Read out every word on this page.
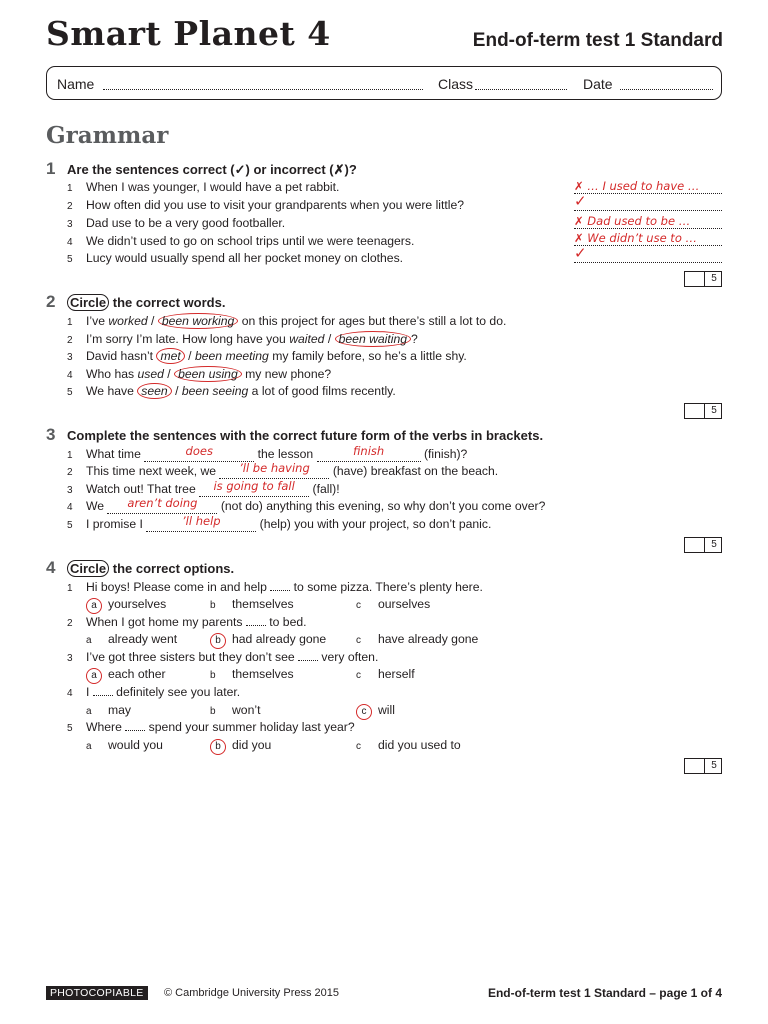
Smart Planet 4	End-of-term test 1 Standard
Name	Class	Date
Grammar
1 Are the sentences correct (✓) or incorrect (✗)?
1 When I was younger, I would have a pet rabbit.	✗ … I used to have …
2 How often did you use to visit your grandparents when you were little?	✓
3 Dad use to be a very good footballer.	✗ Dad used to be …
4 We didn’t used to go on school trips until we were teenagers.	✗ We didn’t use to …
5 Lucy would usually spend all her pocket money on clothes.	✓
5
2 Circle the correct words.
1 I’ve worked / been working on this project for ages but there’s still a lot to do.
2 I’m sorry I’m late. How long have you waited / been waiting ?
3 David hasn’t met / been meeting my family before, so he’s a little shy.
4 Who has used / been using my new phone?
5 We have seen / been seeing a lot of good films recently.
5
3 Complete the sentences with the correct future form of the verbs in brackets.
1 What time	does	the lesson	finish	(finish)?
2 This time next week, we ’ll be having (have) breakfast on the beach.
3 Watch out! That tree is going to fall (fall)!
4 We aren’t doing (not do) anything this evening, so why don’t you come over?
5 I promise I	’ll help	(help) you with your project, so don’t panic.
5
4 Circle the correct options.
1 Hi boys! Please come in and help  to some pizza. There’s plenty here.
a yourselves	b themselves	c ourselves
2 When I got home my parents  to bed.
a already went	b had already gone	c have already gone
3 I’ve got three sisters but they don’t see  very often.
a each other	b themselves	c herself
4 I  definitely see you later.
a may	b won’t	c will
5 Where  spend your summer holiday last year?
a would you	b did you	c did you used to
5
PHOTOCOPIABLE	© Cambridge University Press 2015	End-of-term test 1 Standard – page 1 of 4
